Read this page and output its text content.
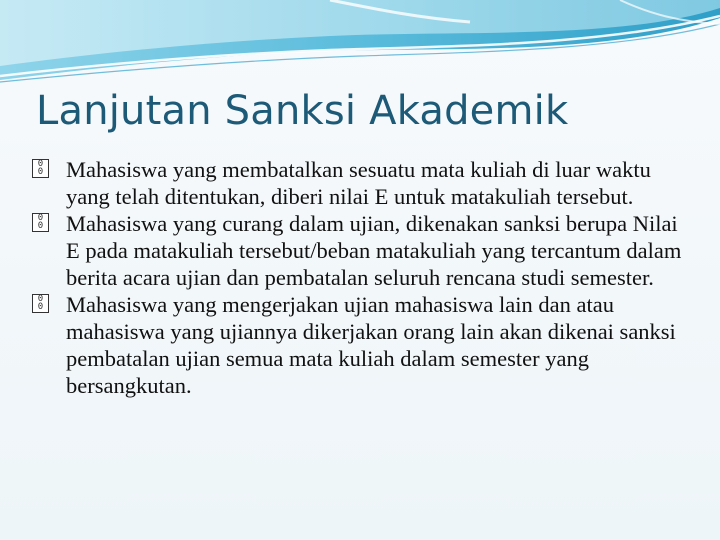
Lanjutan Sanksi Akademik
0
0 Mahasiswa yang membatalkan sesuatu mata kuliah di luar waktu yang telah ditentukan, diberi nilai E untuk matakuliah tersebut.
0
0 Mahasiswa yang curang dalam ujian, dikenakan sanksi berupa Nilai E pada matakuliah tersebut/beban matakuliah yang tercantum dalam berita acara ujian dan pembatalan seluruh rencana studi semester.
0
0 Mahasiswa yang mengerjakan ujian mahasiswa lain dan atau mahasiswa yang ujiannya dikerjakan orang lain akan dikenai sanksi pembatalan ujian semua mata kuliah dalam semester yang bersangkutan.
